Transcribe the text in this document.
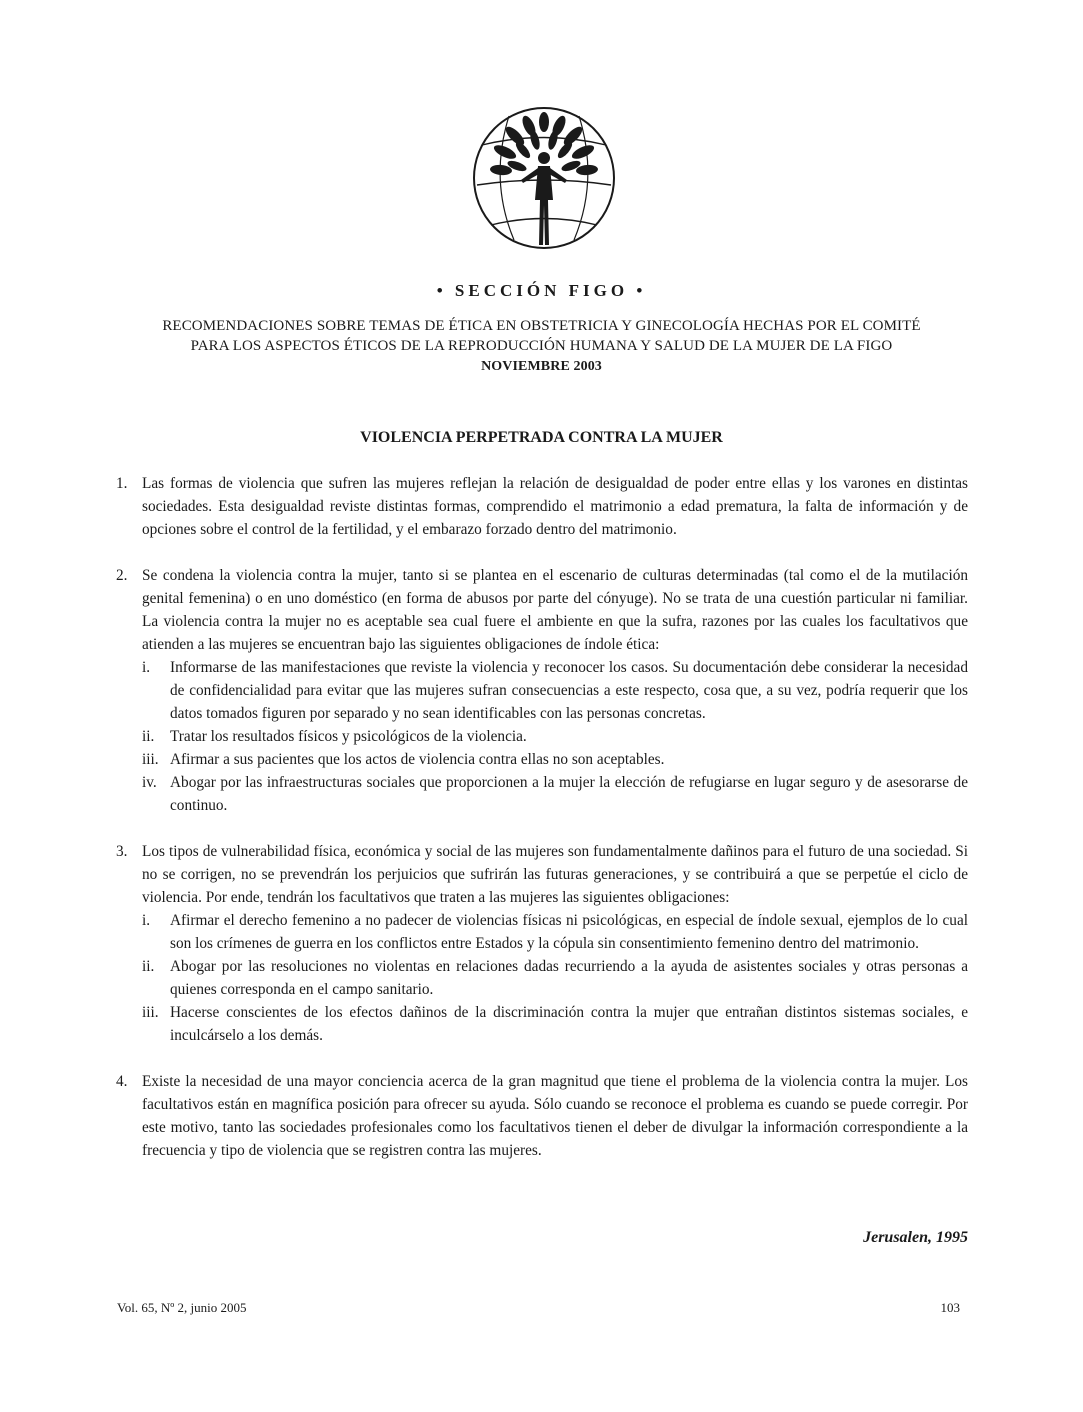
• SECCIÓN FIGO •
RECOMENDACIONES SOBRE TEMAS DE ÉTICA EN OBSTETRICIA Y GINECOLOGÍA HECHAS POR EL COMITÉ
PARA LOS ASPECTOS ÉTICOS DE LA REPRODUCCIÓN HUMANA Y SALUD DE LA MUJER DE LA FIGO
NOVIEMBRE 2003
VIOLENCIA PERPETRADA CONTRA LA MUJER
1. Las formas de violencia que sufren las mujeres reflejan la relación de desigualdad de poder entre ellas y los varones en distintas sociedades. Esta desigualdad reviste distintas formas, comprendido el matrimonio a edad prematura, la falta de información y de opciones sobre el control de la fertilidad, y el embarazo forzado dentro del matrimonio.
2. Se condena la violencia contra la mujer, tanto si se plantea en el escenario de culturas determinadas (tal como el de la mutilación genital femenina) o en uno doméstico (en forma de abusos por parte del cónyuge). No se trata de una cuestión particular ni familiar. La violencia contra la mujer no es aceptable sea cual fuere el ambiente en que la sufra, razones por las cuales los facultativos que atienden a las mujeres se encuentran bajo las siguientes obligaciones de índole ética:
i.	Informarse de las manifestaciones que reviste la violencia y reconocer los casos. Su documentación debe considerar la necesidad de confidencialidad para evitar que las mujeres sufran consecuencias a este respecto, cosa que, a su vez, podría requerir que los datos tomados figuren por separado y no sean identificables con las personas concretas.
ii.	Tratar los resultados físicos y psicológicos de la violencia.
iii. Afirmar a sus pacientes que los actos de violencia contra ellas no son aceptables.
iv. Abogar por las infraestructuras sociales que proporcionen a la mujer la elección de refugiarse en lugar seguro y de asesorarse de continuo.
3. Los tipos de vulnerabilidad física, económica y social de las mujeres son fundamentalmente dañinos para el futuro de una sociedad. Si no se corrigen, no se prevendrán los perjuicios que sufrirán las futuras generaciones, y se contribuirá a que se perpetúe el ciclo de violencia. Por ende, tendrán los facultativos que traten a las mujeres las siguientes obligaciones:
i.	Afirmar el derecho femenino a no padecer de violencias físicas ni psicológicas, en especial de índole sexual, ejemplos de lo cual son los crímenes de guerra en los conflictos entre Estados y la cópula sin consentimiento femenino dentro del matrimonio.
ii.	Abogar por las resoluciones no violentas en relaciones dadas recurriendo a la ayuda de asistentes sociales y otras personas a quienes corresponda en el campo sanitario.
iii. Hacerse conscientes de los efectos dañinos de la discriminación contra la mujer que entrañan distintos sistemas sociales, e inculcárselo a los demás.
4. Existe la necesidad de una mayor conciencia acerca de la gran magnitud que tiene el problema de la violencia contra la mujer. Los facultativos están en magnífica posición para ofrecer su ayuda. Sólo cuando se reconoce el problema es cuando se puede corregir. Por este motivo, tanto las sociedades profesionales como los facultativos tienen el deber de divulgar la información correspondiente a la frecuencia y tipo de violencia que se registren contra las mujeres.
Jerusalen, 1995
Vol. 65, Nº 2, junio 2005	103
